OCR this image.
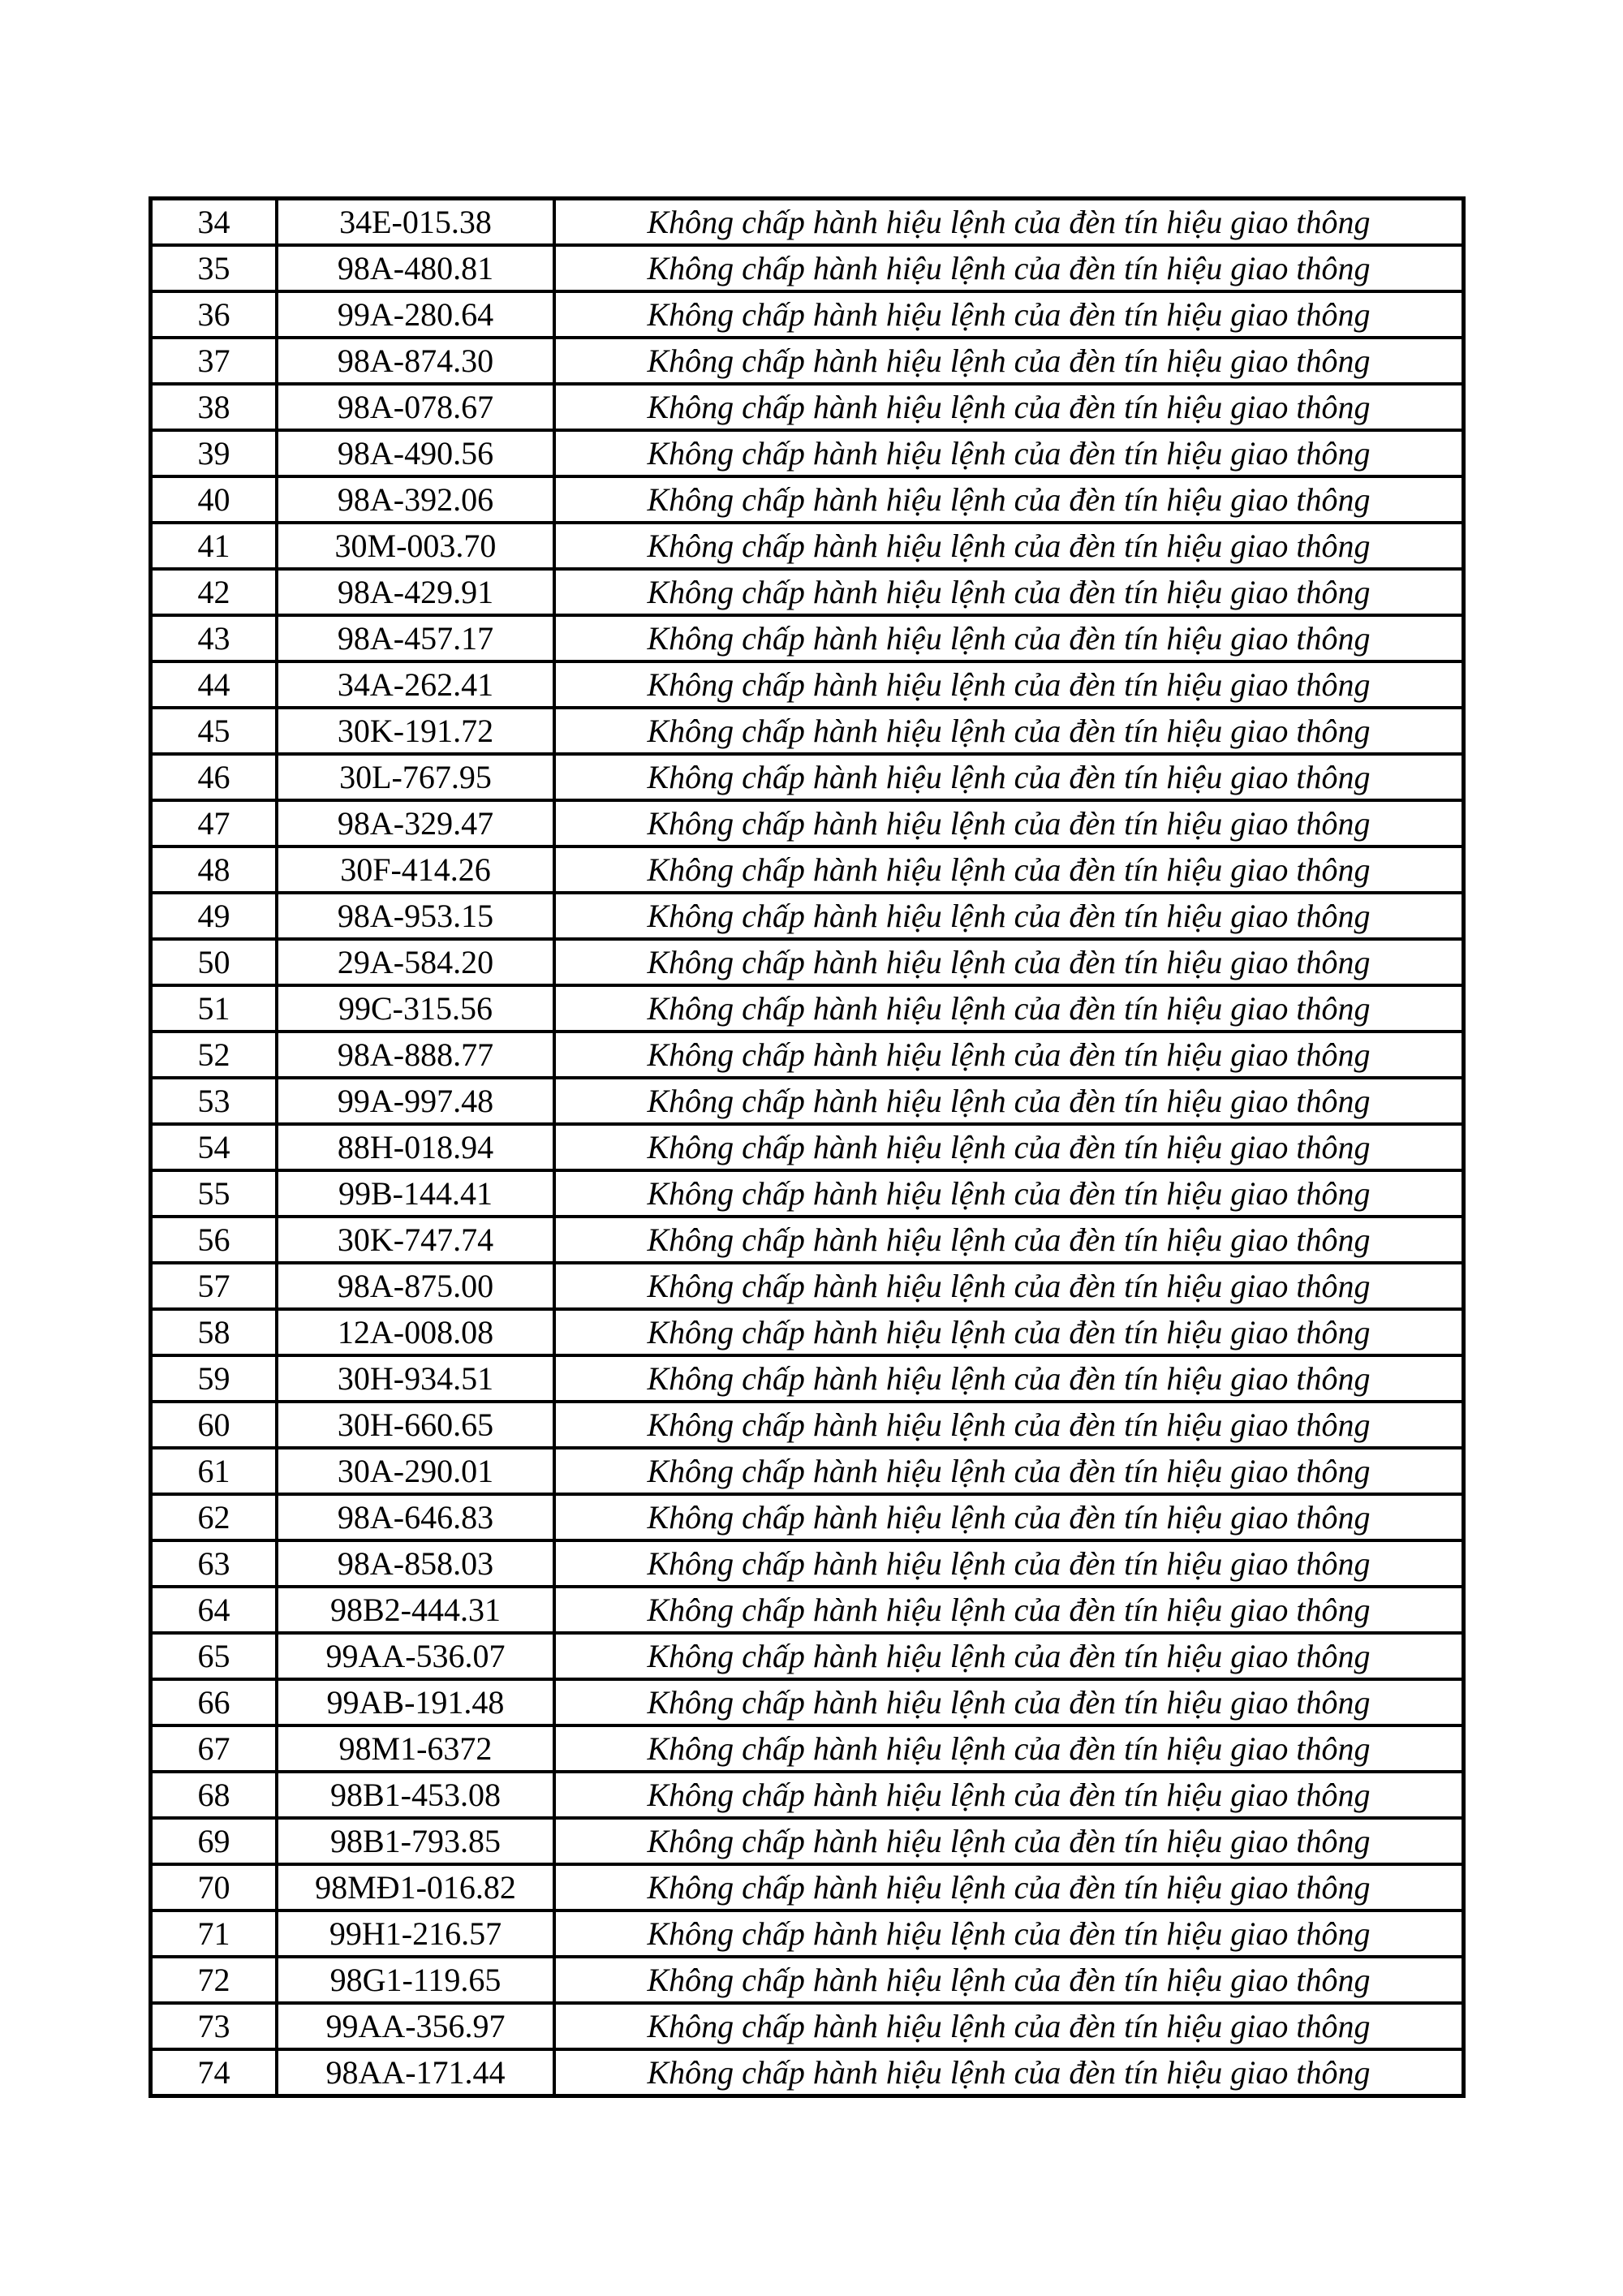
34	34E-015.38	Không chấp hành hiệu lệnh của đèn tín hiệu giao thông
35	98A-480.81	Không chấp hành hiệu lệnh của đèn tín hiệu giao thông
36	99A-280.64	Không chấp hành hiệu lệnh của đèn tín hiệu giao thông
37	98A-874.30	Không chấp hành hiệu lệnh của đèn tín hiệu giao thông
38	98A-078.67	Không chấp hành hiệu lệnh của đèn tín hiệu giao thông
39	98A-490.56	Không chấp hành hiệu lệnh của đèn tín hiệu giao thông
40	98A-392.06	Không chấp hành hiệu lệnh của đèn tín hiệu giao thông
41	30M-003.70	Không chấp hành hiệu lệnh của đèn tín hiệu giao thông
42	98A-429.91	Không chấp hành hiệu lệnh của đèn tín hiệu giao thông
43	98A-457.17	Không chấp hành hiệu lệnh của đèn tín hiệu giao thông
44	34A-262.41	Không chấp hành hiệu lệnh của đèn tín hiệu giao thông
45	30K-191.72	Không chấp hành hiệu lệnh của đèn tín hiệu giao thông
46	30L-767.95	Không chấp hành hiệu lệnh của đèn tín hiệu giao thông
47	98A-329.47	Không chấp hành hiệu lệnh của đèn tín hiệu giao thông
48	30F-414.26	Không chấp hành hiệu lệnh của đèn tín hiệu giao thông
49	98A-953.15	Không chấp hành hiệu lệnh của đèn tín hiệu giao thông
50	29A-584.20	Không chấp hành hiệu lệnh của đèn tín hiệu giao thông
51	99C-315.56	Không chấp hành hiệu lệnh của đèn tín hiệu giao thông
52	98A-888.77	Không chấp hành hiệu lệnh của đèn tín hiệu giao thông
53	99A-997.48	Không chấp hành hiệu lệnh của đèn tín hiệu giao thông
54	88H-018.94	Không chấp hành hiệu lệnh của đèn tín hiệu giao thông
55	99B-144.41	Không chấp hành hiệu lệnh của đèn tín hiệu giao thông
56	30K-747.74	Không chấp hành hiệu lệnh của đèn tín hiệu giao thông
57	98A-875.00	Không chấp hành hiệu lệnh của đèn tín hiệu giao thông
58	12A-008.08	Không chấp hành hiệu lệnh của đèn tín hiệu giao thông
59	30H-934.51	Không chấp hành hiệu lệnh của đèn tín hiệu giao thông
60	30H-660.65	Không chấp hành hiệu lệnh của đèn tín hiệu giao thông
61	30A-290.01	Không chấp hành hiệu lệnh của đèn tín hiệu giao thông
62	98A-646.83	Không chấp hành hiệu lệnh của đèn tín hiệu giao thông
63	98A-858.03	Không chấp hành hiệu lệnh của đèn tín hiệu giao thông
64	98B2-444.31	Không chấp hành hiệu lệnh của đèn tín hiệu giao thông
65	99AA-536.07	Không chấp hành hiệu lệnh của đèn tín hiệu giao thông
66	99AB-191.48	Không chấp hành hiệu lệnh của đèn tín hiệu giao thông
67	98M1-6372	Không chấp hành hiệu lệnh của đèn tín hiệu giao thông
68	98B1-453.08	Không chấp hành hiệu lệnh của đèn tín hiệu giao thông
69	98B1-793.85	Không chấp hành hiệu lệnh của đèn tín hiệu giao thông
70	98MĐ1-016.82	Không chấp hành hiệu lệnh của đèn tín hiệu giao thông
71	99H1-216.57	Không chấp hành hiệu lệnh của đèn tín hiệu giao thông
72	98G1-119.65	Không chấp hành hiệu lệnh của đèn tín hiệu giao thông
73	99AA-356.97	Không chấp hành hiệu lệnh của đèn tín hiệu giao thông
74	98AA-171.44	Không chấp hành hiệu lệnh của đèn tín hiệu giao thông
